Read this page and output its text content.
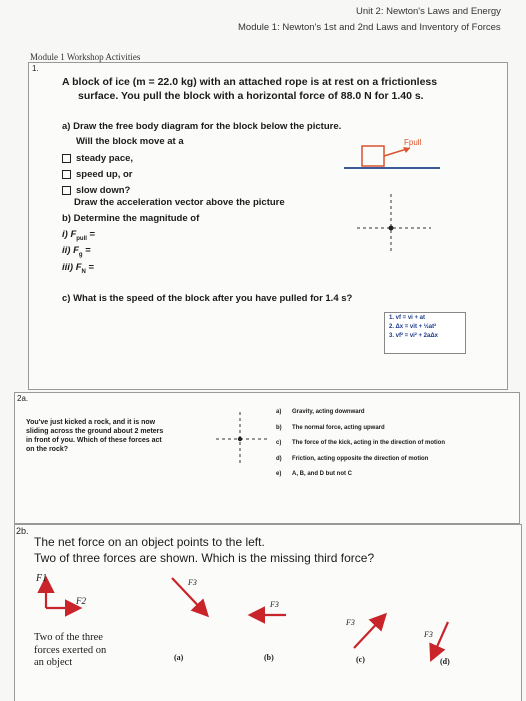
Unit 2: Newton's Laws and Energy
Module 1: Newton's 1st and 2nd Laws and Inventory of Forces
Module 1 Workshop Activities
1.
A block of ice (m = 22.0 kg) with an attached rope is at rest on a frictionless
surface. You pull the block with a horizontal force of 88.0 N for 1.40 s.
a) Draw the free body diagram for the block below the picture.
Will the block move at a
steady pace,
speed up, or
slow down?
Draw the acceleration vector above the picture
b) Determine the magnitude of
i) $F_{pull}$ =
ii) $F_g$ =
iii) $F_N$ =
c) What is the speed of the block after you have pulled for 1.4 s?
Fpull
1. vf = vi + at
2. Δx = vit + ½at²
3. vf² = vi² + 2aΔx
2a.
You've just kicked a rock, and it is now
sliding across the ground about 2 meters
in front of you. Which of these forces act
on the rock?
a) Gravity, acting downward
b) The normal force, acting upward
c) The force of the kick, acting in the direction of motion
d) Friction, acting opposite the direction of motion
e) A, B, and D but not C
2b.
The net force on an object points to the left.
Two of three forces are shown. Which is the missing third force?
F1
F2
F3
F3
F3
F3
Two of the three
forces exerted on
an object	(a)	(b)	(c)	(d)
